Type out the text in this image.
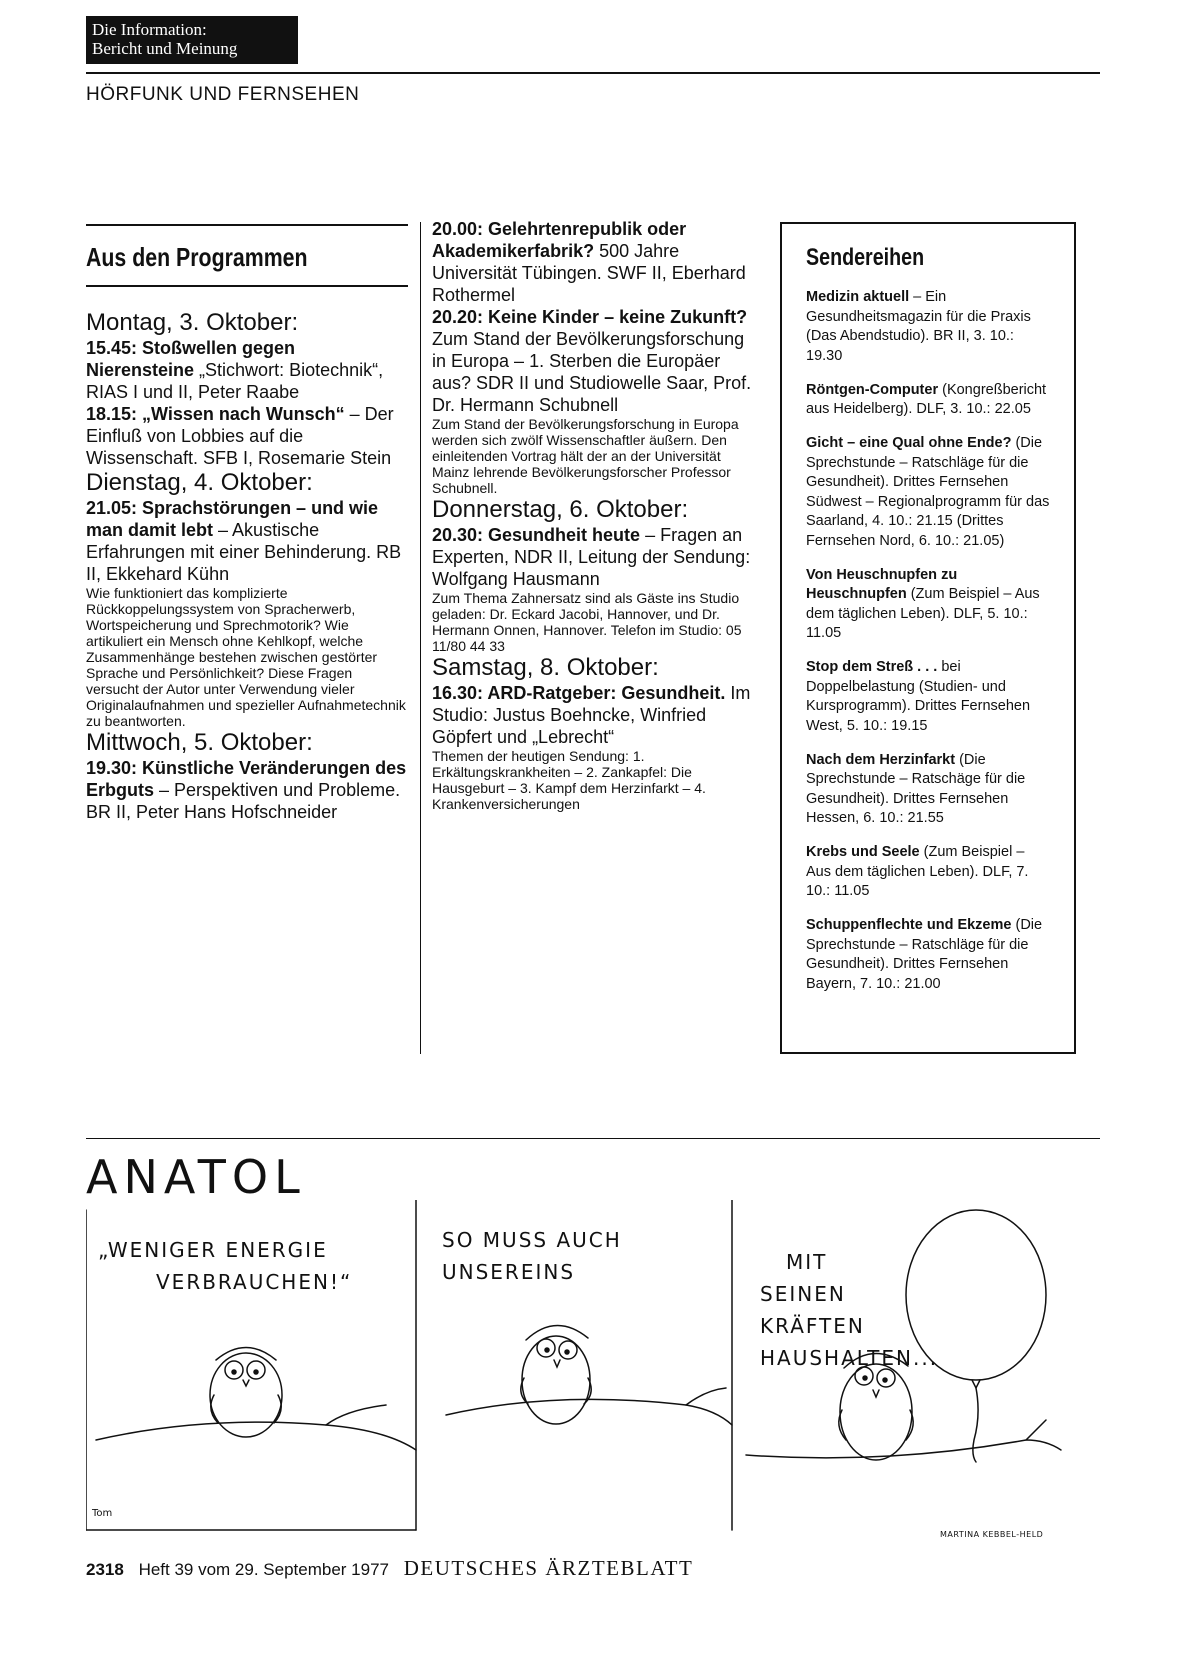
Die Information:
Bericht und Meinung
HÖRFUNK UND FERNSEHEN
Aus den Programmen

Montag, 3. Oktober:

15.45: Stoßwellen gegen Nierensteine „Stichwort: Biotechnik“, RIAS I und II, Peter Raabe

18.15: „Wissen nach Wunsch“ – Der Einfluß von Lobbies auf die Wissenschaft. SFB I, Rosemarie Stein

Dienstag, 4. Oktober:

21.05: Sprachstörungen – und wie man damit lebt – Akustische Erfahrungen mit einer Behinderung. RB II, Ekkehard Kühn

Wie funktioniert das komplizierte Rückkoppelungssystem von Spracherwerb, Wortspeicherung und Sprechmotorik? Wie artikuliert ein Mensch ohne Kehlkopf, welche Zusammenhänge bestehen zwischen gestörter Sprache und Persönlichkeit? Diese Fragen versucht der Autor unter Verwendung vieler Originalaufnahmen und spezieller Aufnahmetechnik zu beantworten.

Mittwoch, 5. Oktober:

19.30: Künstliche Veränderungen des Erbguts – Perspektiven und Probleme. BR II, Peter Hans Hofschneider

20.00: Gelehrtenrepublik oder Akademikerfabrik? 500 Jahre Universität Tübingen. SWF II, Eberhard Rothermel

20.20: Keine Kinder – keine Zukunft? Zum Stand der Bevölkerungsforschung in Europa – 1. Sterben die Europäer aus? SDR II und Studiowelle Saar, Prof. Dr. Hermann Schubnell

Zum Stand der Bevölkerungsforschung in Europa werden sich zwölf Wissenschaftler äußern. Den einleitenden Vortrag hält der an der Universität Mainz lehrende Bevölkerungsforscher Professor Schubnell.

Donnerstag, 6. Oktober:

20.30: Gesundheit heute – Fragen an Experten, NDR II, Leitung der Sendung: Wolfgang Hausmann

Zum Thema Zahnersatz sind als Gäste ins Studio geladen: Dr. Eckard Jacobi, Hannover, und Dr. Hermann Onnen, Hannover. Telefon im Studio: 05 11/80 44 33

Samstag, 8. Oktober:

16.30: ARD-Ratgeber: Gesundheit. Im Studio: Justus Boehncke, Winfried Göpfert und „Lebrecht“

Themen der heutigen Sendung: 1. Erkältungskrankheiten – 2. Zankapfel: Die Hausgeburt – 3. Kampf dem Herzinfarkt – 4. Krankenversicherungen

Sendereihen

Medizin aktuell – Ein Gesundheitsmagazin für die Praxis (Das Abendstudio). BR II, 3. 10.: 19.30

Röntgen-Computer (Kongreßbericht aus Heidelberg). DLF, 3. 10.: 22.05

Gicht – eine Qual ohne Ende? (Die Sprechstunde – Ratschläge für die Gesundheit). Drittes Fernsehen Südwest – Regionalprogramm für das Saarland, 4. 10.: 21.15 (Drittes Fernsehen Nord, 6. 10.: 21.05)

Von Heuschnupfen zu Heuschnupfen (Zum Beispiel – Aus dem täglichen Leben). DLF, 5. 10.: 11.05

Stop dem Streß . . . bei Doppelbelastung (Studien- und Kursprogramm). Drittes Fernsehen West, 5. 10.: 19.15

Nach dem Herzinfarkt (Die Sprechstunde – Ratschäge für die Gesundheit). Drittes Fernsehen Hessen, 6. 10.: 21.55

Krebs und Seele (Zum Beispiel – Aus dem täglichen Leben). DLF, 7. 10.: 11.05

Schuppenflechte und Ekzeme (Die Sprechstunde – Ratschläge für die Gesundheit). Drittes Fernsehen Bayern, 7. 10.: 21.00

ANATOL
„WENIGER ENERGIE
VERBRAUCHEN!“
SO MUSS AUCH
UNSEREINS	MIT
SEINEN
KRÄFTEN
HAUSHALTEN...
Tom
MARTINA KEBBEL-HELD
2318 Heft 39 vom 29. September 1977 DEUTSCHES ÄRZTEBLATT
